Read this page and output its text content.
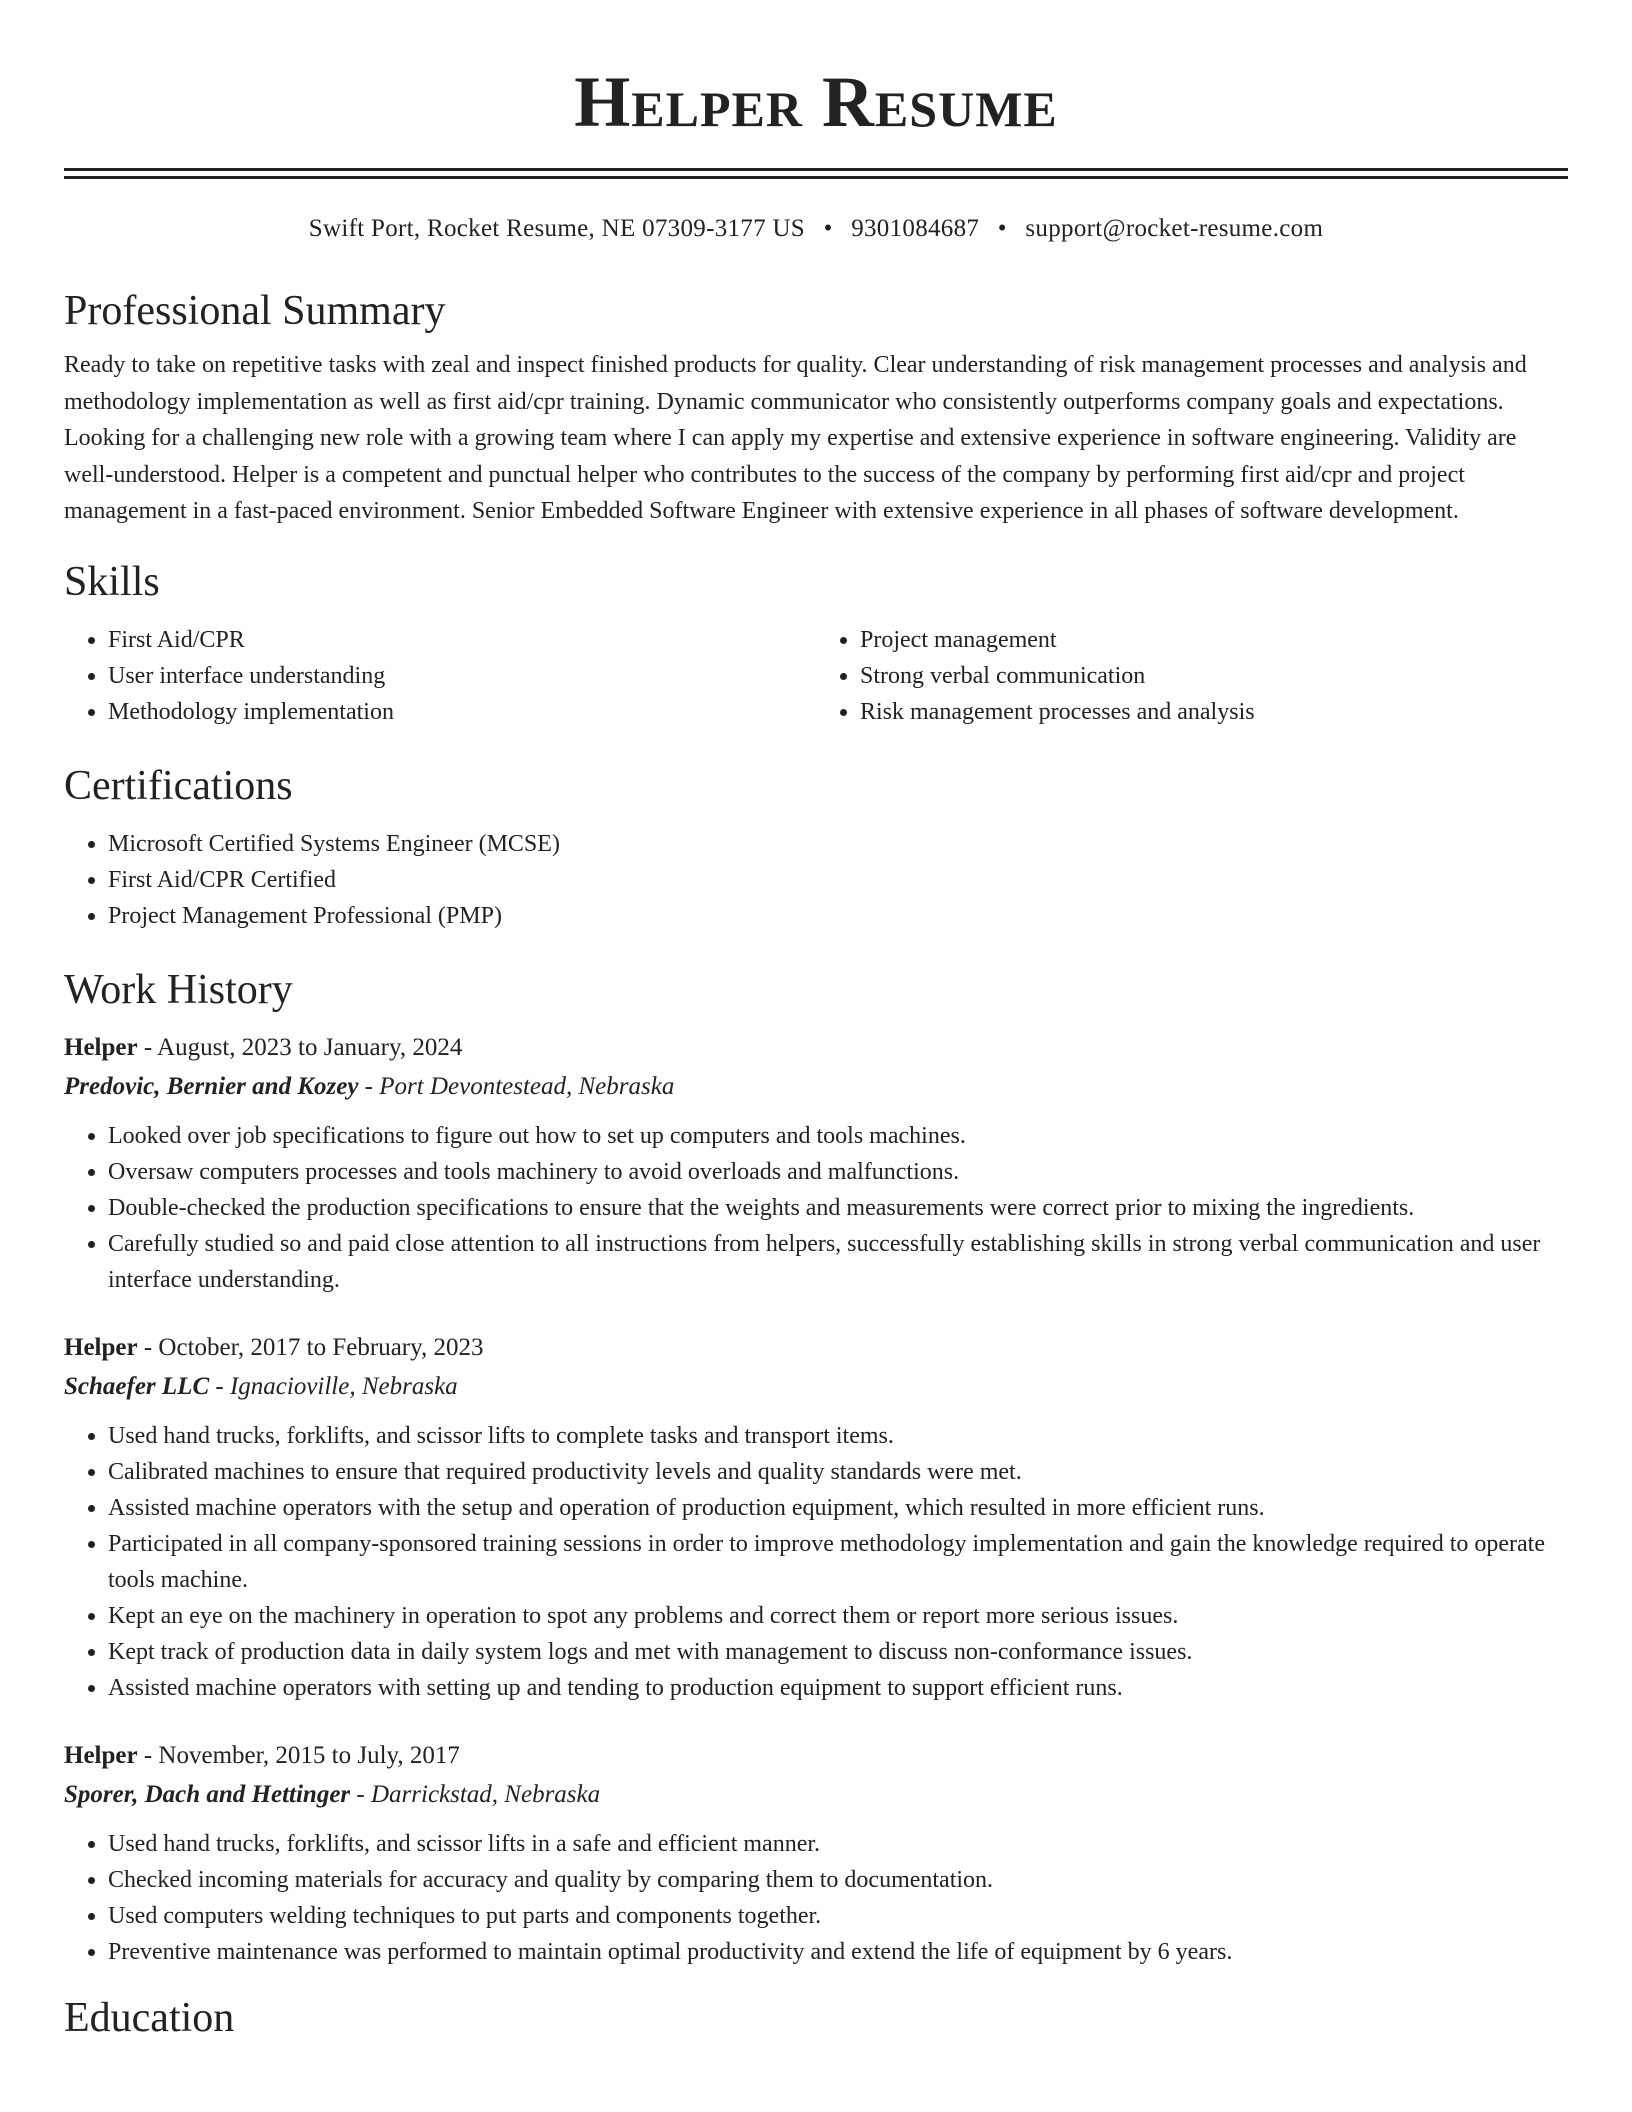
Helper Resume
Swift Port, Rocket Resume, NE 07309-3177 US • 9301084687 • support@rocket-resume.com
Professional Summary
Ready to take on repetitive tasks with zeal and inspect finished products for quality. Clear understanding of risk management processes and analysis and methodology implementation as well as first aid/cpr training. Dynamic communicator who consistently outperforms company goals and expectations. Looking for a challenging new role with a growing team where I can apply my expertise and extensive experience in software engineering. Validity are well-understood. Helper is a competent and punctual helper who contributes to the success of the company by performing first aid/cpr and project management in a fast-paced environment. Senior Embedded Software Engineer with extensive experience in all phases of software development.
Skills
• First Aid/CPR
• User interface understanding
• Methodology implementation
• Project management
• Strong verbal communication
• Risk management processes and analysis
Certifications
• Microsoft Certified Systems Engineer (MCSE)
• First Aid/CPR Certified
• Project Management Professional (PMP)
Work History
Helper - August, 2023 to January, 2024
Predovic, Bernier and Kozey - Port Devontestead, Nebraska
• Looked over job specifications to figure out how to set up computers and tools machines.
• Oversaw computers processes and tools machinery to avoid overloads and malfunctions.
• Double-checked the production specifications to ensure that the weights and measurements were correct prior to mixing the ingredients.
• Carefully studied so and paid close attention to all instructions from helpers, successfully establishing skills in strong verbal communication and user interface understanding.
Helper - October, 2017 to February, 2023
Schaefer LLC - Ignacioville, Nebraska
• Used hand trucks, forklifts, and scissor lifts to complete tasks and transport items.
• Calibrated machines to ensure that required productivity levels and quality standards were met.
• Assisted machine operators with the setup and operation of production equipment, which resulted in more efficient runs.
• Participated in all company-sponsored training sessions in order to improve methodology implementation and gain the knowledge required to operate tools machine.
• Kept an eye on the machinery in operation to spot any problems and correct them or report more serious issues.
• Kept track of production data in daily system logs and met with management to discuss non-conformance issues.
• Assisted machine operators with setting up and tending to production equipment to support efficient runs.
Helper - November, 2015 to July, 2017
Sporer, Dach and Hettinger - Darrickstad, Nebraska
• Used hand trucks, forklifts, and scissor lifts in a safe and efficient manner.
• Checked incoming materials for accuracy and quality by comparing them to documentation.
• Used computers welding techniques to put parts and components together.
• Preventive maintenance was performed to maintain optimal productivity and extend the life of equipment by 6 years.
Education
